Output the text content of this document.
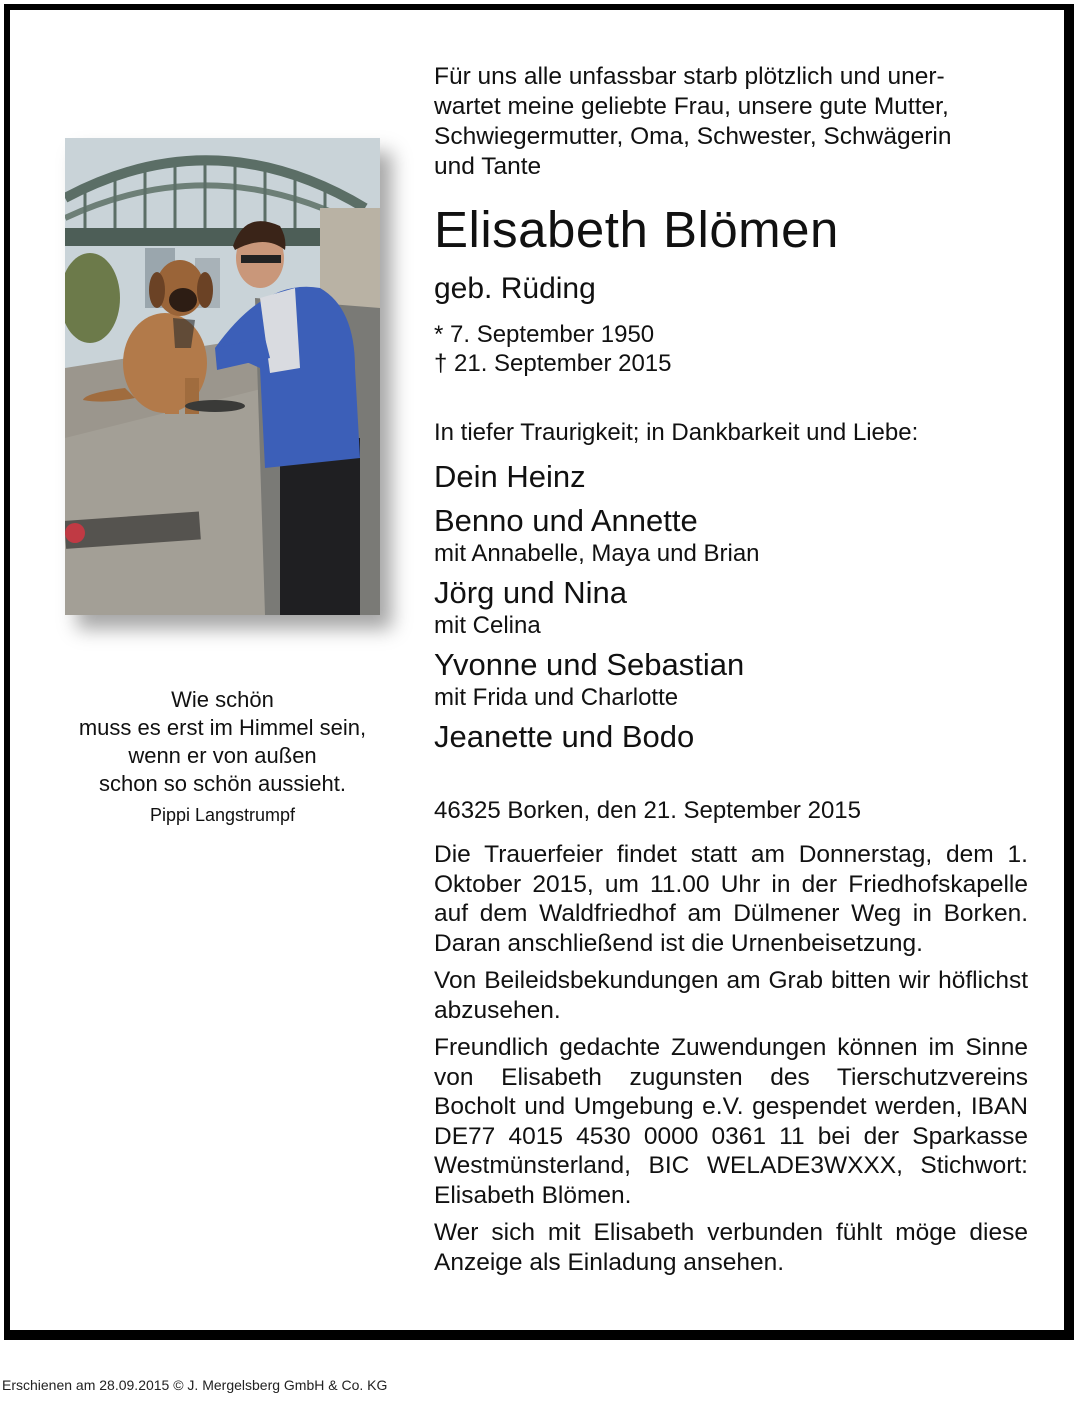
Wie schön
muss es erst im Himmel sein,
wenn er von außen
schon so schön aussieht.
Pippi Langstrumpf
Für uns alle unfassbar starb plötzlich und uner-
wartet meine geliebte Frau, unsere gute Mutter,
Schwiegermutter, Oma, Schwester, Schwägerin
und Tante
Elisabeth Blömen
geb. Rüding
* 7. September 1950
† 21. September 2015
In tiefer Traurigkeit; in Dankbarkeit und Liebe:
Dein Heinz
Benno und Annette
mit Annabelle, Maya und Brian
Jörg und Nina
mit Celina
Yvonne und Sebastian
mit Frida und Charlotte
Jeanette und Bodo
46325 Borken, den 21. September 2015

Die Trauerfeier findet statt am Donnerstag, dem 1. Oktober 2015, um 11.00 Uhr in der Friedhofskapelle auf dem Waldfriedhof am Dülmener Weg in Borken. Daran anschließend ist die Urnenbeisetzung.

Von Beileidsbekundungen am Grab bitten wir höflichst abzusehen.

Freundlich gedachte Zuwendungen können im Sinne von Elisabeth zugunsten des Tierschutzvereins Bocholt und Umgebung e.V. gespendet werden, IBAN DE77 4015 4530 0000 0361 11 bei der Sparkasse Westmünsterland, BIC WELADE3WXXX, Stichwort: Elisabeth Blömen.

Wer sich mit Elisabeth verbunden fühlt möge diese Anzeige als Einladung ansehen.

Erschienen am 28.09.2015 © J. Mergelsberg GmbH & Co. KG
